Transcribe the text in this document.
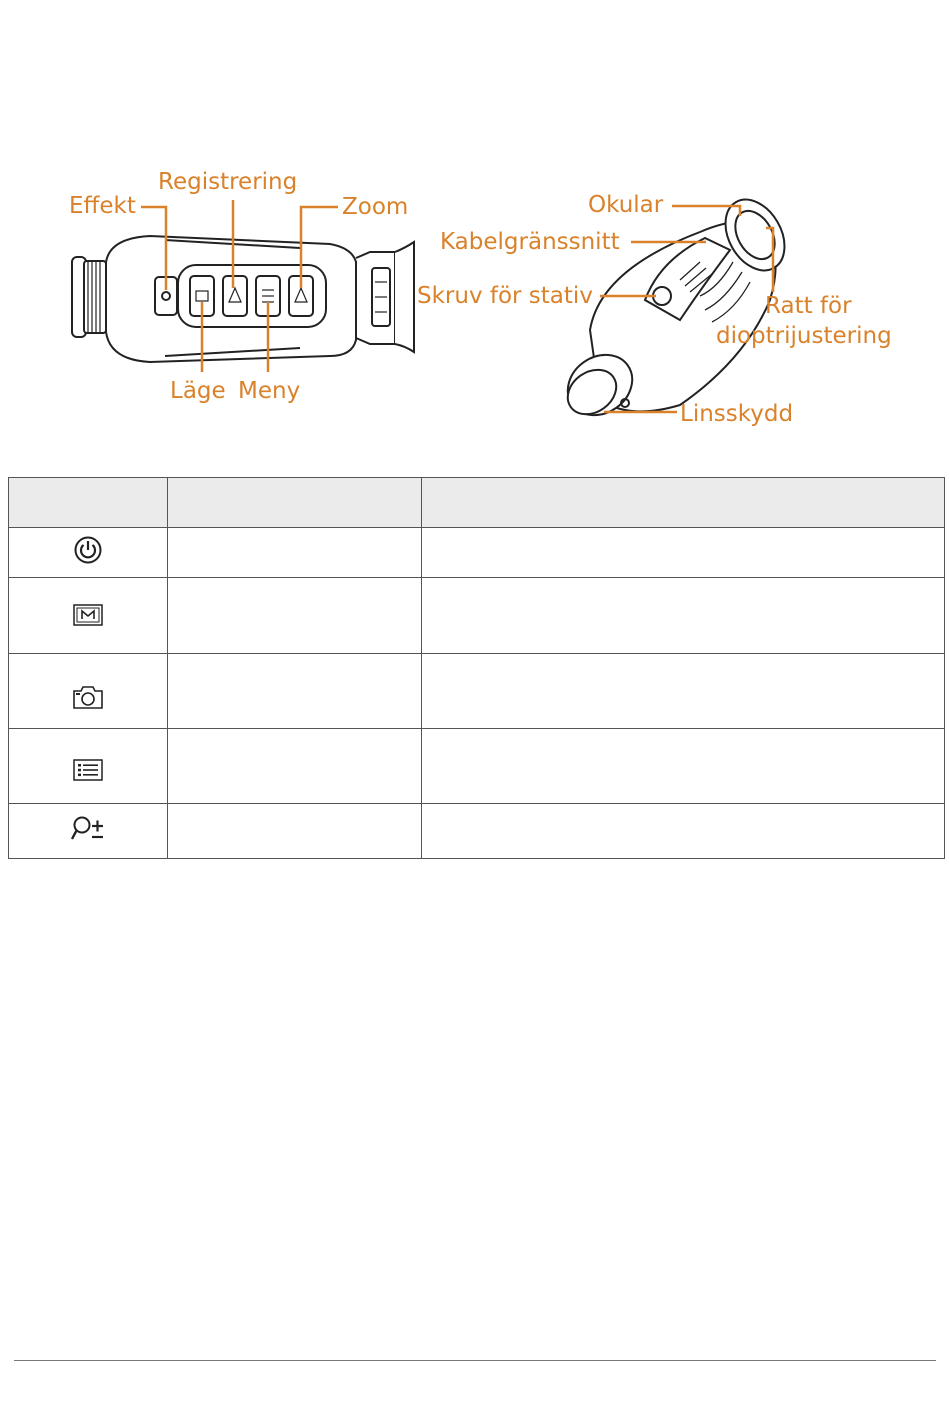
Effekt
Registrering
Zoom
Läge Meny
Okular
Kabelgränssnitt
Skruv för stativ	Ratt för
dioptrijustering
Linsskydd
